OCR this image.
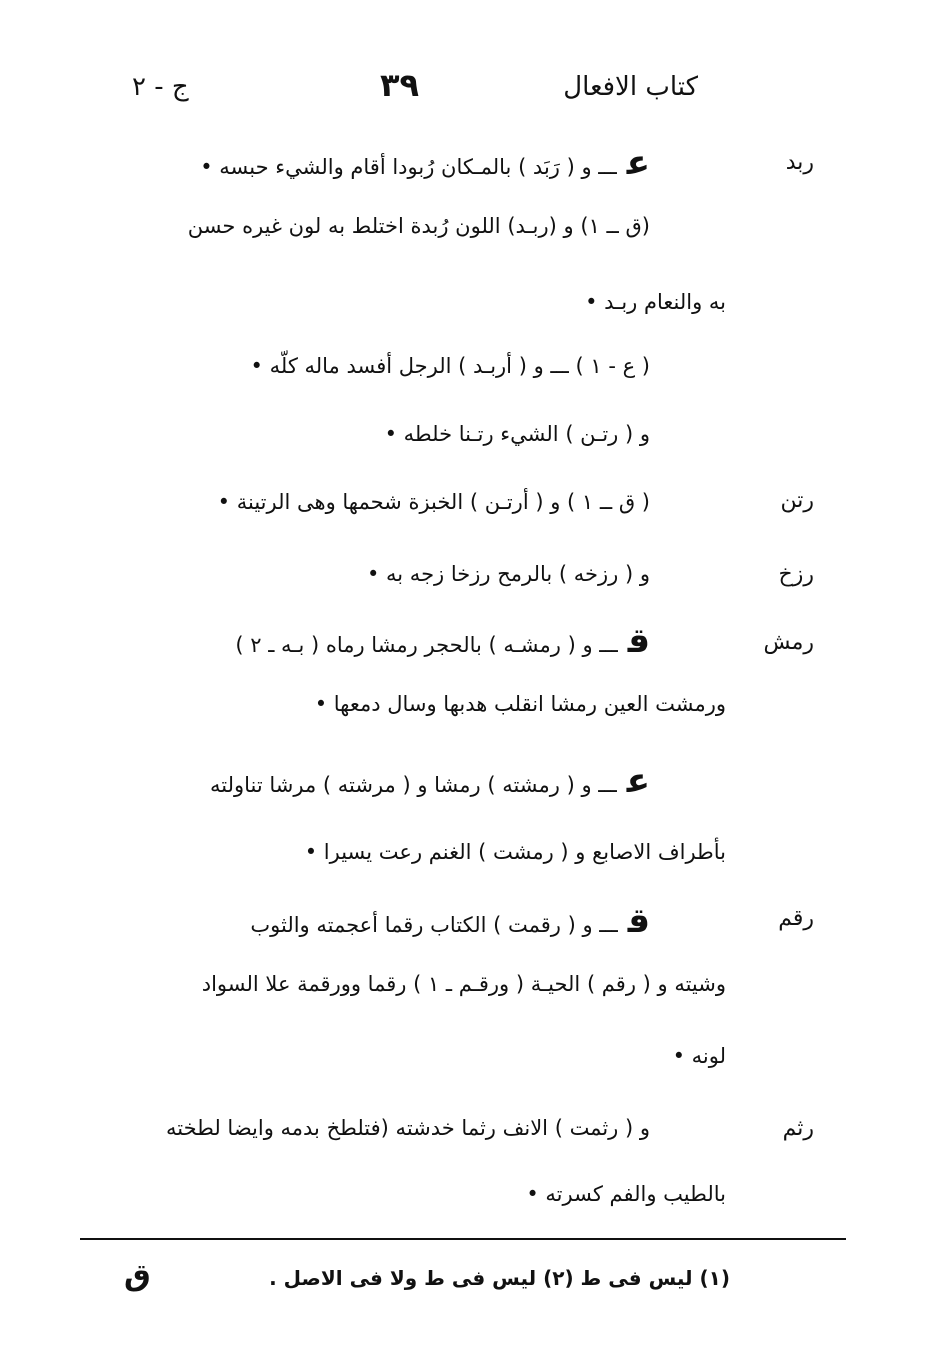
ج - ٢	٣٩	كتاب الافعال
ربد
رتن
رزخ
رمش
رقم
رثم
عـــ و ( رَبَد ) بالمـكان رُبودا أقام والشيء حبسه •
(ق ــ ١) و (ربـد) اللون رُبدة اختلط به لون غيره حسن
به والنعام ربـد •
( ع - ١ ) ـــ و ( أربـد ) الرجل أفسد ماله كلّه •
و ( رتـن ) الشيء رتـنا خلطه •
( ق ــ ١ ) و ( أرتـن ) الخبزة شحمها وهى الرتينة •
و ( رزخه ) بالرمح رزخا زجه به •
قـــ و ( رمشـه ) بالحجر رمشا رماه ( بـه ـ ٢ )
ورمشت العين رمشا انقلب هدبها وسال دمعها •
عـــ و ( رمشته ) رمشا و ( مرشته ) مرشا تناولته
بأطراف الاصابع و ( رمشت ) الغنم رعت يسيرا •
قـــ و ( رقمت ) الكتاب رقما أعجمته والثوب
وشيته و ( رقم ) الحيـة ( ورقـم ـ ١ ) رقما وورقمة علا السواد
لونه •
و ( رثمت ) الانف رثما خدشته (فتلطخ بدمه وايضا لطخته
بالطيب والفم كسرته •
(١) ليس فى ط (٢) ليس فى ط ولا فى الاصل .
ق
